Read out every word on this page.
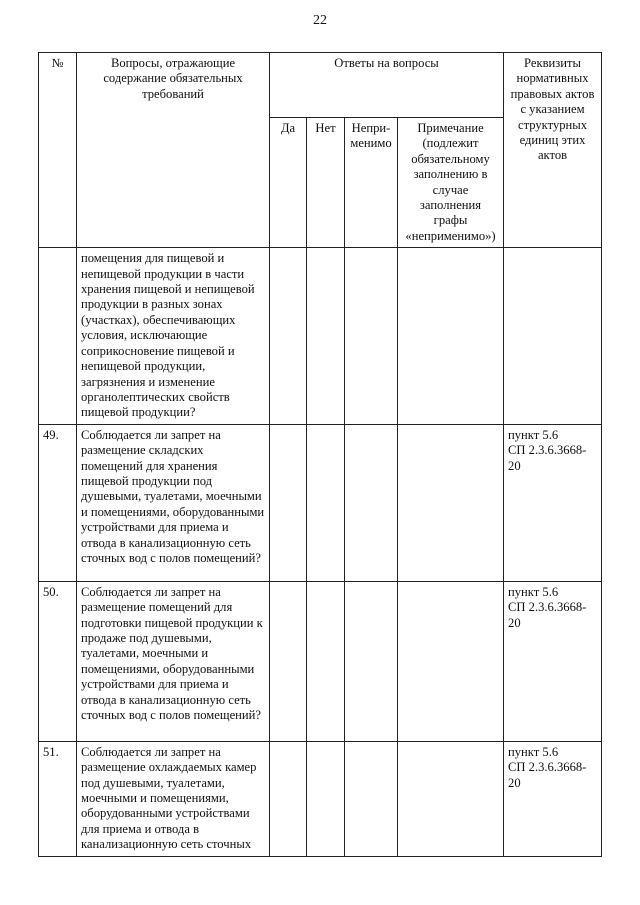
22
№	Вопросы, отражающие содержание обязательных требований	Ответы на вопросы				Реквизиты нормативных правовых актов с указанием структурных единиц этих актов
		Да	Нет	Непри-менимо	Примечание (подлежит обязательному заполнению в случае заполнения графы «неприменимо»)	
	помещения для пищевой и непищевой продукции в части хранения пищевой и непищевой продукции в разных зонах (участках), обеспечивающих условия, исключающие соприкосновение пищевой и непищевой продукции, загрязнения и изменение органолептических свойств пищевой продукции?					

49.	Соблюдается ли запрет на размещение складских помещений для хранения пищевой продукции под душевыми, туалетами, моечными и помещениями, оборудованными устройствами для приема и отвода в канализационную сеть сточных вод с полов помещений?					пункт 5.6
СП 2.3.6.3668-20

50.	Соблюдается ли запрет на размещение помещений для подготовки пищевой продукции к продаже под душевыми, туалетами, моечными и помещениями, оборудованными устройствами для приема и отвода в канализационную сеть сточных вод с полов помещений?					пункт 5.6
СП 2.3.6.3668-20

51.	Соблюдается ли запрет на размещение охлаждаемых камер под душевыми, туалетами, моечными и помещениями, оборудованными устройствами для приема и отвода в канализационную сеть сточных					пункт 5.6
СП 2.3.6.3668-20
